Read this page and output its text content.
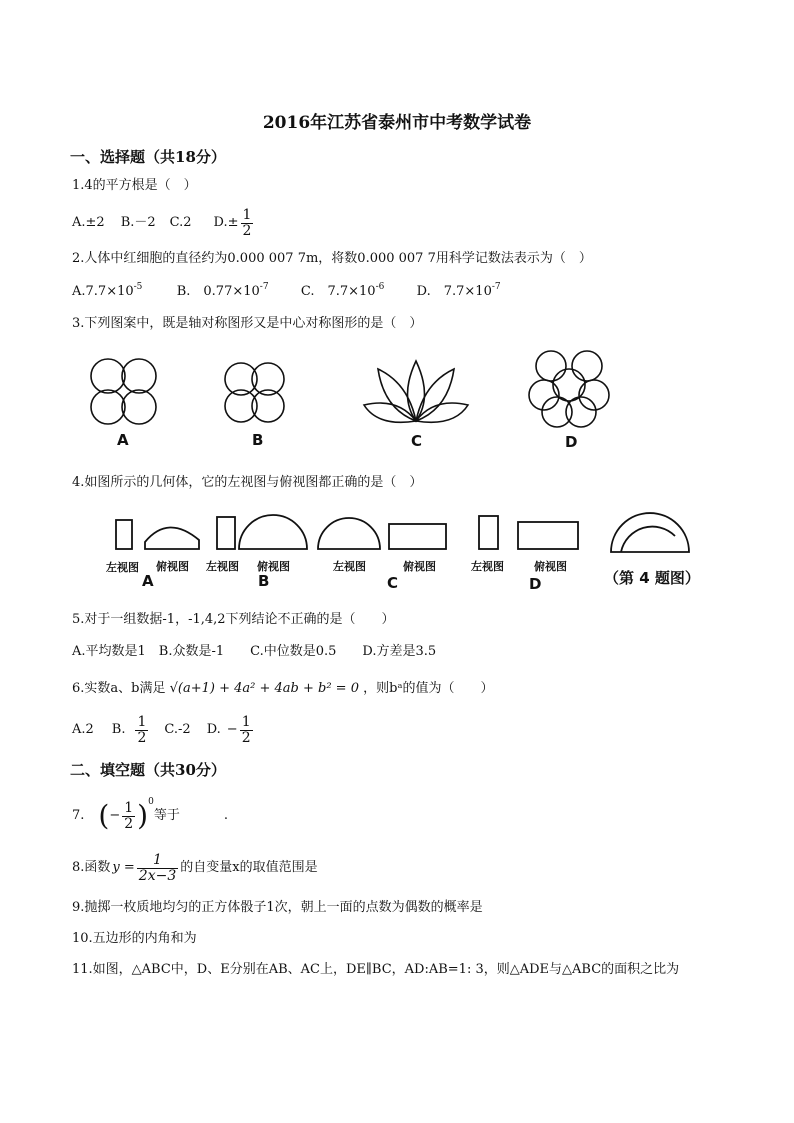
2016年江苏省泰州市中考数学试卷
一、选择题（共18分）
1.4的平方根是（　）
A.±2 B.－2 C.2 $D.\pm \frac{1}{2}$
2.人体中红细胞的直径约为0.000 007 7m，将数0.000 007 7用科学记数法表示为（　）
$A.7.7\times 10^{-5}$	B.　$0.77\times 10^{-7}$ C.　$7.7\times 10^{-6}$ D.　$7.7\times 10^{-7}$
3.下列图案中，既是轴对称图形又是中心对称图形的是（　）
A	B	C	D
4.如图所示的几何体，它的左视图与俯视图都正确的是（　）
左视图 俯视图 左视图 俯视图	左视图	俯视图	左视图	俯视图
A	B	C	D	（第 4 题图）
5.对于一组数据-1，-1,4,2下列结论不正确的是（　　）
A.平均数是1　B.众数是-1　　C.中位数是0.5　　D.方差是3.5
6.实数a、b满足 √(a+1) + 4a² + 4ab + b² = 0 ，则bᵃ的值为（　　）
A.2 B. $\frac{1}{2} C.-2$ D. − $\frac{1}{2}$
二、填空题（共30分）
7. ( − $\frac{1}{2}$ ) 0
等于	.
8.函数 $y = \frac{1}{2x-3}$ 的自变量x的取值范围是
9.抛掷一枚质地均匀的正方体骰子1次，朝上一面的点数为偶数的概率是
10.五边形的内角和为
11.如图，△ABC中，D、E分别在AB、AC上，DE∥BC，AD:AB=1: 3，则△ADE与△ABC的面积之比为
